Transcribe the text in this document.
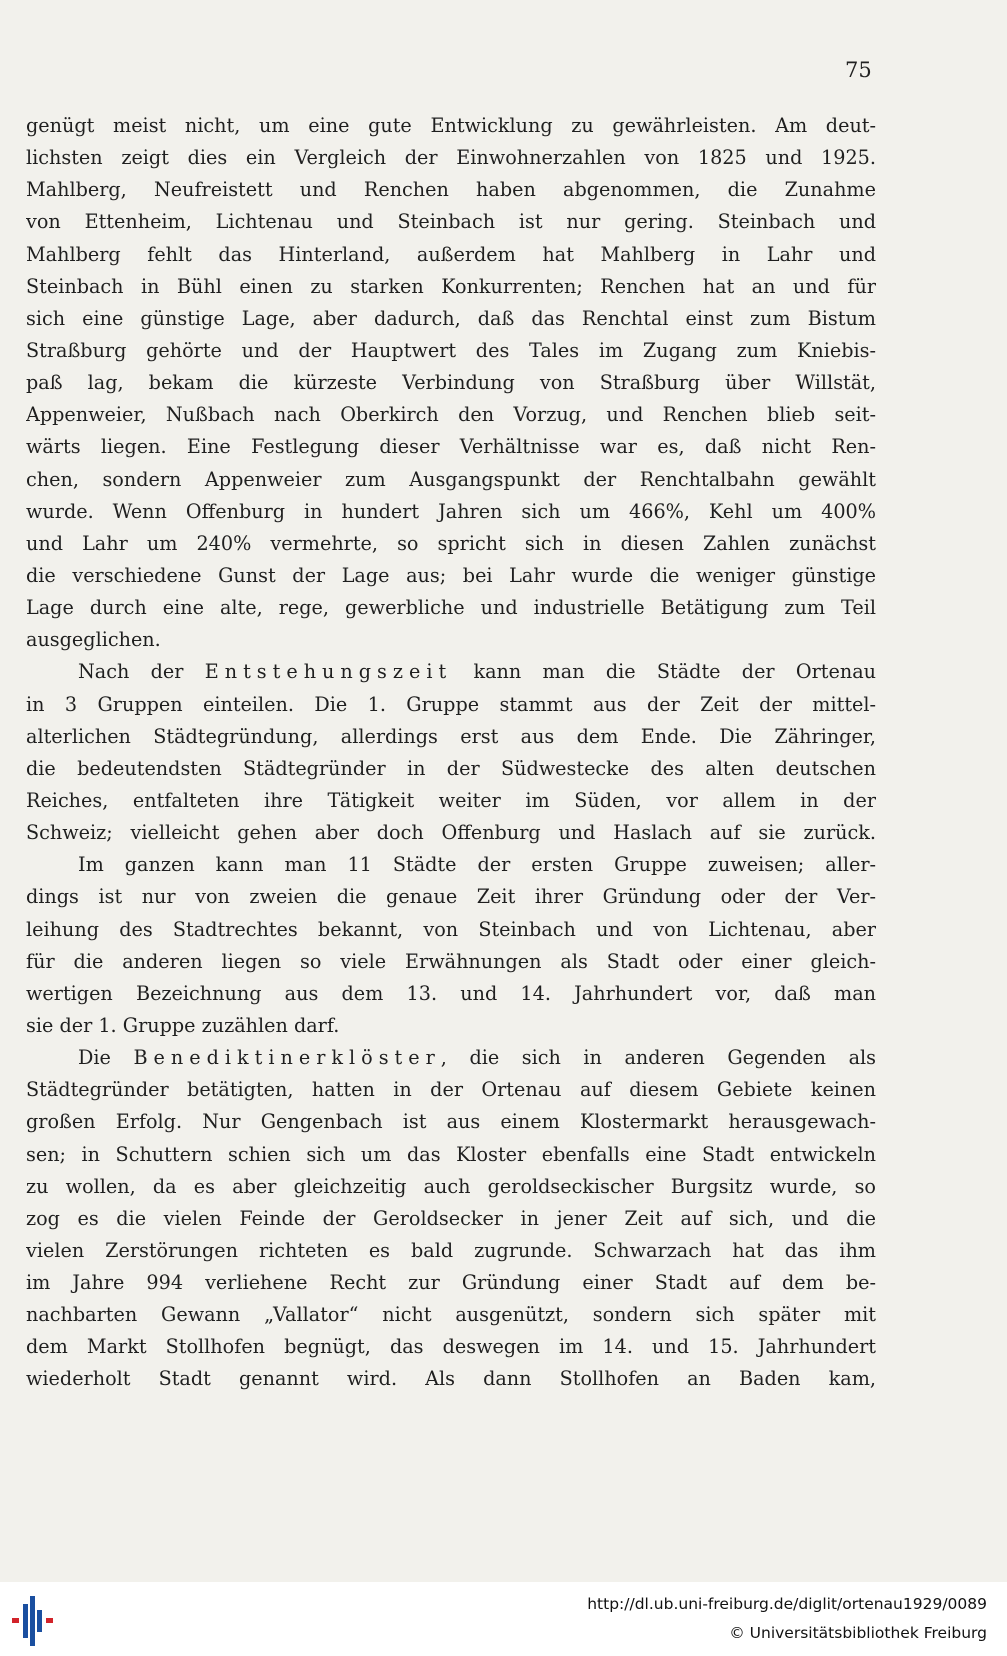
75
genügt meist nicht, um eine gute Entwicklung zu gewährleisten. Am deut-
lichsten zeigt dies ein Vergleich der Einwohnerzahlen von 1825 und 1925.
Mahlberg, Neufreistett und Renchen haben abgenommen, die Zunahme
von Ettenheim, Lichtenau und Steinbach ist nur gering. Steinbach und
Mahlberg fehlt das Hinterland, außerdem hat Mahlberg in Lahr und
Steinbach in Bühl einen zu starken Konkurrenten; Renchen hat an und für
sich eine günstige Lage, aber dadurch, daß das Renchtal einst zum Bistum
Straßburg gehörte und der Hauptwert des Tales im Zugang zum Kniebis-
paß lag, bekam die kürzeste Verbindung von Straßburg über Willstät,
Appenweier, Nußbach nach Oberkirch den Vorzug, und Renchen blieb seit-
wärts liegen. Eine Festlegung dieser Verhältnisse war es, daß nicht Ren-
chen, sondern Appenweier zum Ausgangspunkt der Renchtalbahn gewählt
wurde. Wenn Offenburg in hundert Jahren sich um 466%, Kehl um 400%
und Lahr um 240% vermehrte, so spricht sich in diesen Zahlen zunächst
die verschiedene Gunst der Lage aus; bei Lahr wurde die weniger günstige
Lage durch eine alte, rege, gewerbliche und industrielle Betätigung zum Teil
ausgeglichen.
Nach der Entstehungszeit kann man die Städte der Ortenau
in 3 Gruppen einteilen. Die 1. Gruppe stammt aus der Zeit der mittel-
alterlichen Städtegründung, allerdings erst aus dem Ende. Die Zähringer,
die bedeutendsten Städtegründer in der Südwestecke des alten deutschen
Reiches, entfalteten ihre Tätigkeit weiter im Süden, vor allem in der
Schweiz; vielleicht gehen aber doch Offenburg und Haslach auf sie zurück.
Im ganzen kann man 11 Städte der ersten Gruppe zuweisen; aller-
dings ist nur von zweien die genaue Zeit ihrer Gründung oder der Ver-
leihung des Stadtrechtes bekannt, von Steinbach und von Lichtenau, aber
für die anderen liegen so viele Erwähnungen als Stadt oder einer gleich-
wertigen Bezeichnung aus dem 13. und 14. Jahrhundert vor, daß man
sie der 1. Gruppe zuzählen darf.
Die Benediktinerklöster, die sich in anderen Gegenden als
Städtegründer betätigten, hatten in der Ortenau auf diesem Gebiete keinen
großen Erfolg. Nur Gengenbach ist aus einem Klostermarkt herausgewach-
sen; in Schuttern schien sich um das Kloster ebenfalls eine Stadt entwickeln
zu wollen, da es aber gleichzeitig auch geroldseckischer Burgsitz wurde, so
zog es die vielen Feinde der Geroldsecker in jener Zeit auf sich, und die
vielen Zerstörungen richteten es bald zugrunde. Schwarzach hat das ihm
im Jahre 994 verliehene Recht zur Gründung einer Stadt auf dem be-
nachbarten Gewann „Vallator“ nicht ausgenützt, sondern sich später mit
dem Markt Stollhofen begnügt, das deswegen im 14. und 15. Jahrhundert
wiederholt Stadt genannt wird. Als dann Stollhofen an Baden kam,
http://dl.ub.uni-freiburg.de/diglit/ortenau1929/0089
© Universitätsbibliothek Freiburg
